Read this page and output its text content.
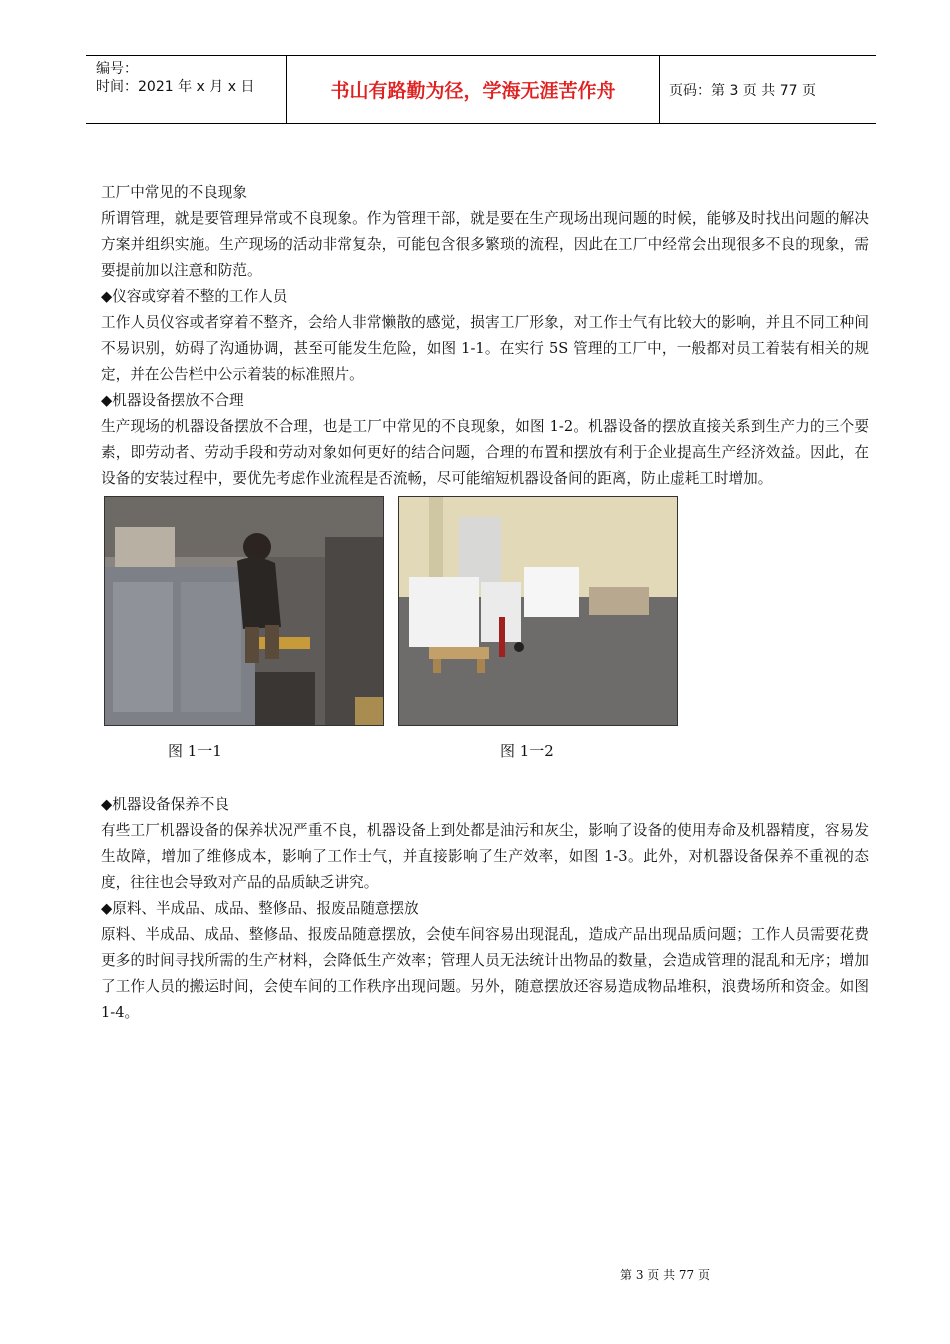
编号：
时间：2021 年 x 月 x 日	书山有路勤为径，学海无涯苦作舟	页码：第 3 页 共 77 页

工厂中常见的不良现象

所谓管理，就是要管理异常或不良现象。作为管理干部，就是要在生产现场出现问题的时候，能够及时找出问题的解决方案并组织实施。生产现场的活动非常复杂，可能包含很多繁琐的流程，因此在工厂中经常会出现很多不良的现象，需要提前加以注意和防范。

◆仪容或穿着不整的工作人员

工作人员仪容或者穿着不整齐，会给人非常懒散的感觉，损害工厂形象，对工作士气有比较大的影响，并且不同工种间不易识别，妨碍了沟通协调，甚至可能发生危险，如图 1-1。在实行 5S 管理的工厂中，一般都对员工着装有相关的规定，并在公告栏中公示着装的标准照片。

◆机器设备摆放不合理

生产现场的机器设备摆放不合理，也是工厂中常见的不良现象，如图 1-2。机器设备的摆放直接关系到生产力的三个要素，即劳动者、劳动手段和劳动对象如何更好的结合问题，合理的布置和摆放有利于企业提高生产经济效益。因此，在设备的安装过程中，要优先考虑作业流程是否流畅，尽可能缩短机器设备间的距离，防止虚耗工时增加。

图 1一1	图 1一2

◆机器设备保养不良

有些工厂机器设备的保养状况严重不良，机器设备上到处都是油污和灰尘，影响了设备的使用寿命及机器精度，容易发生故障，增加了维修成本，影响了工作士气，并直接影响了生产效率，如图 1-3。此外，对机器设备保养不重视的态度，往往也会导致对产品的品质缺乏讲究。

◆原料、半成品、成品、整修品、报废品随意摆放

原料、半成品、成品、整修品、报废品随意摆放，会使车间容易出现混乱，造成产品出现品质问题；工作人员需要花费更多的时间寻找所需的生产材料，会降低生产效率；管理人员无法统计出物品的数量，会造成管理的混乱和无序；增加了工作人员的搬运时间，会使车间的工作秩序出现问题。另外，随意摆放还容易造成物品堆积，浪费场所和资金。如图 1-4。

第 3 页 共 77 页
